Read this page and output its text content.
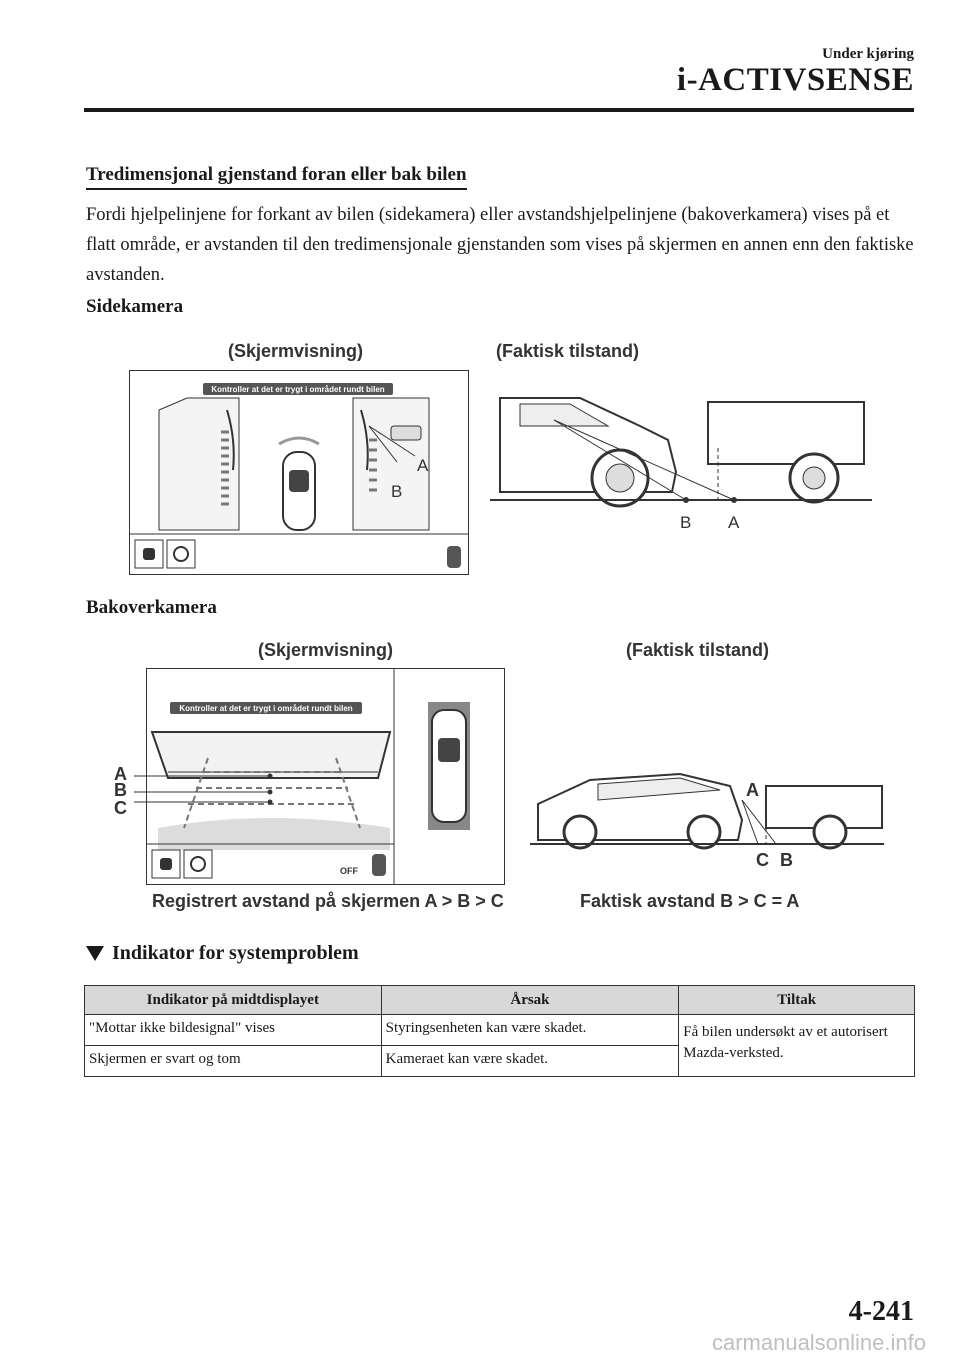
Under kjøring
i-ACTIVSENSE
Tredimensjonal gjenstand foran eller bak bilen

Fordi hjelpelinjene for forkant av bilen (sidekamera) eller avstandshjelpelinjene (bakoverkamera) vises på et flatt område, er avstanden til den tredimensjonale gjenstanden som vises på skjermen en annen enn den faktiske avstanden.

Sidekamera
(Skjermvisning)	(Faktisk tilstand)
Kontroller at det er trygt i området rundt bilen
A
B
B A
Bakoverkamera
(Skjermvisning)	(Faktisk tilstand)
Kontroller at det er trygt i området rundt bilen
A
B
C
OFF
A
C B
Registrert avstand på skjermen A > B > C	Faktisk avstand B > C = A
Indikator for systemproblem
Indikator på midtdisplayet	Årsak	Tiltak
"Mottar ikke bildesignal" vises	Styringsenheten kan være skadet.	Få bilen undersøkt av et autorisert Mazda-verksted.
Skjermen er svart og tom	Kameraet kan være skadet.	
4-241
carmanualsonline.info
